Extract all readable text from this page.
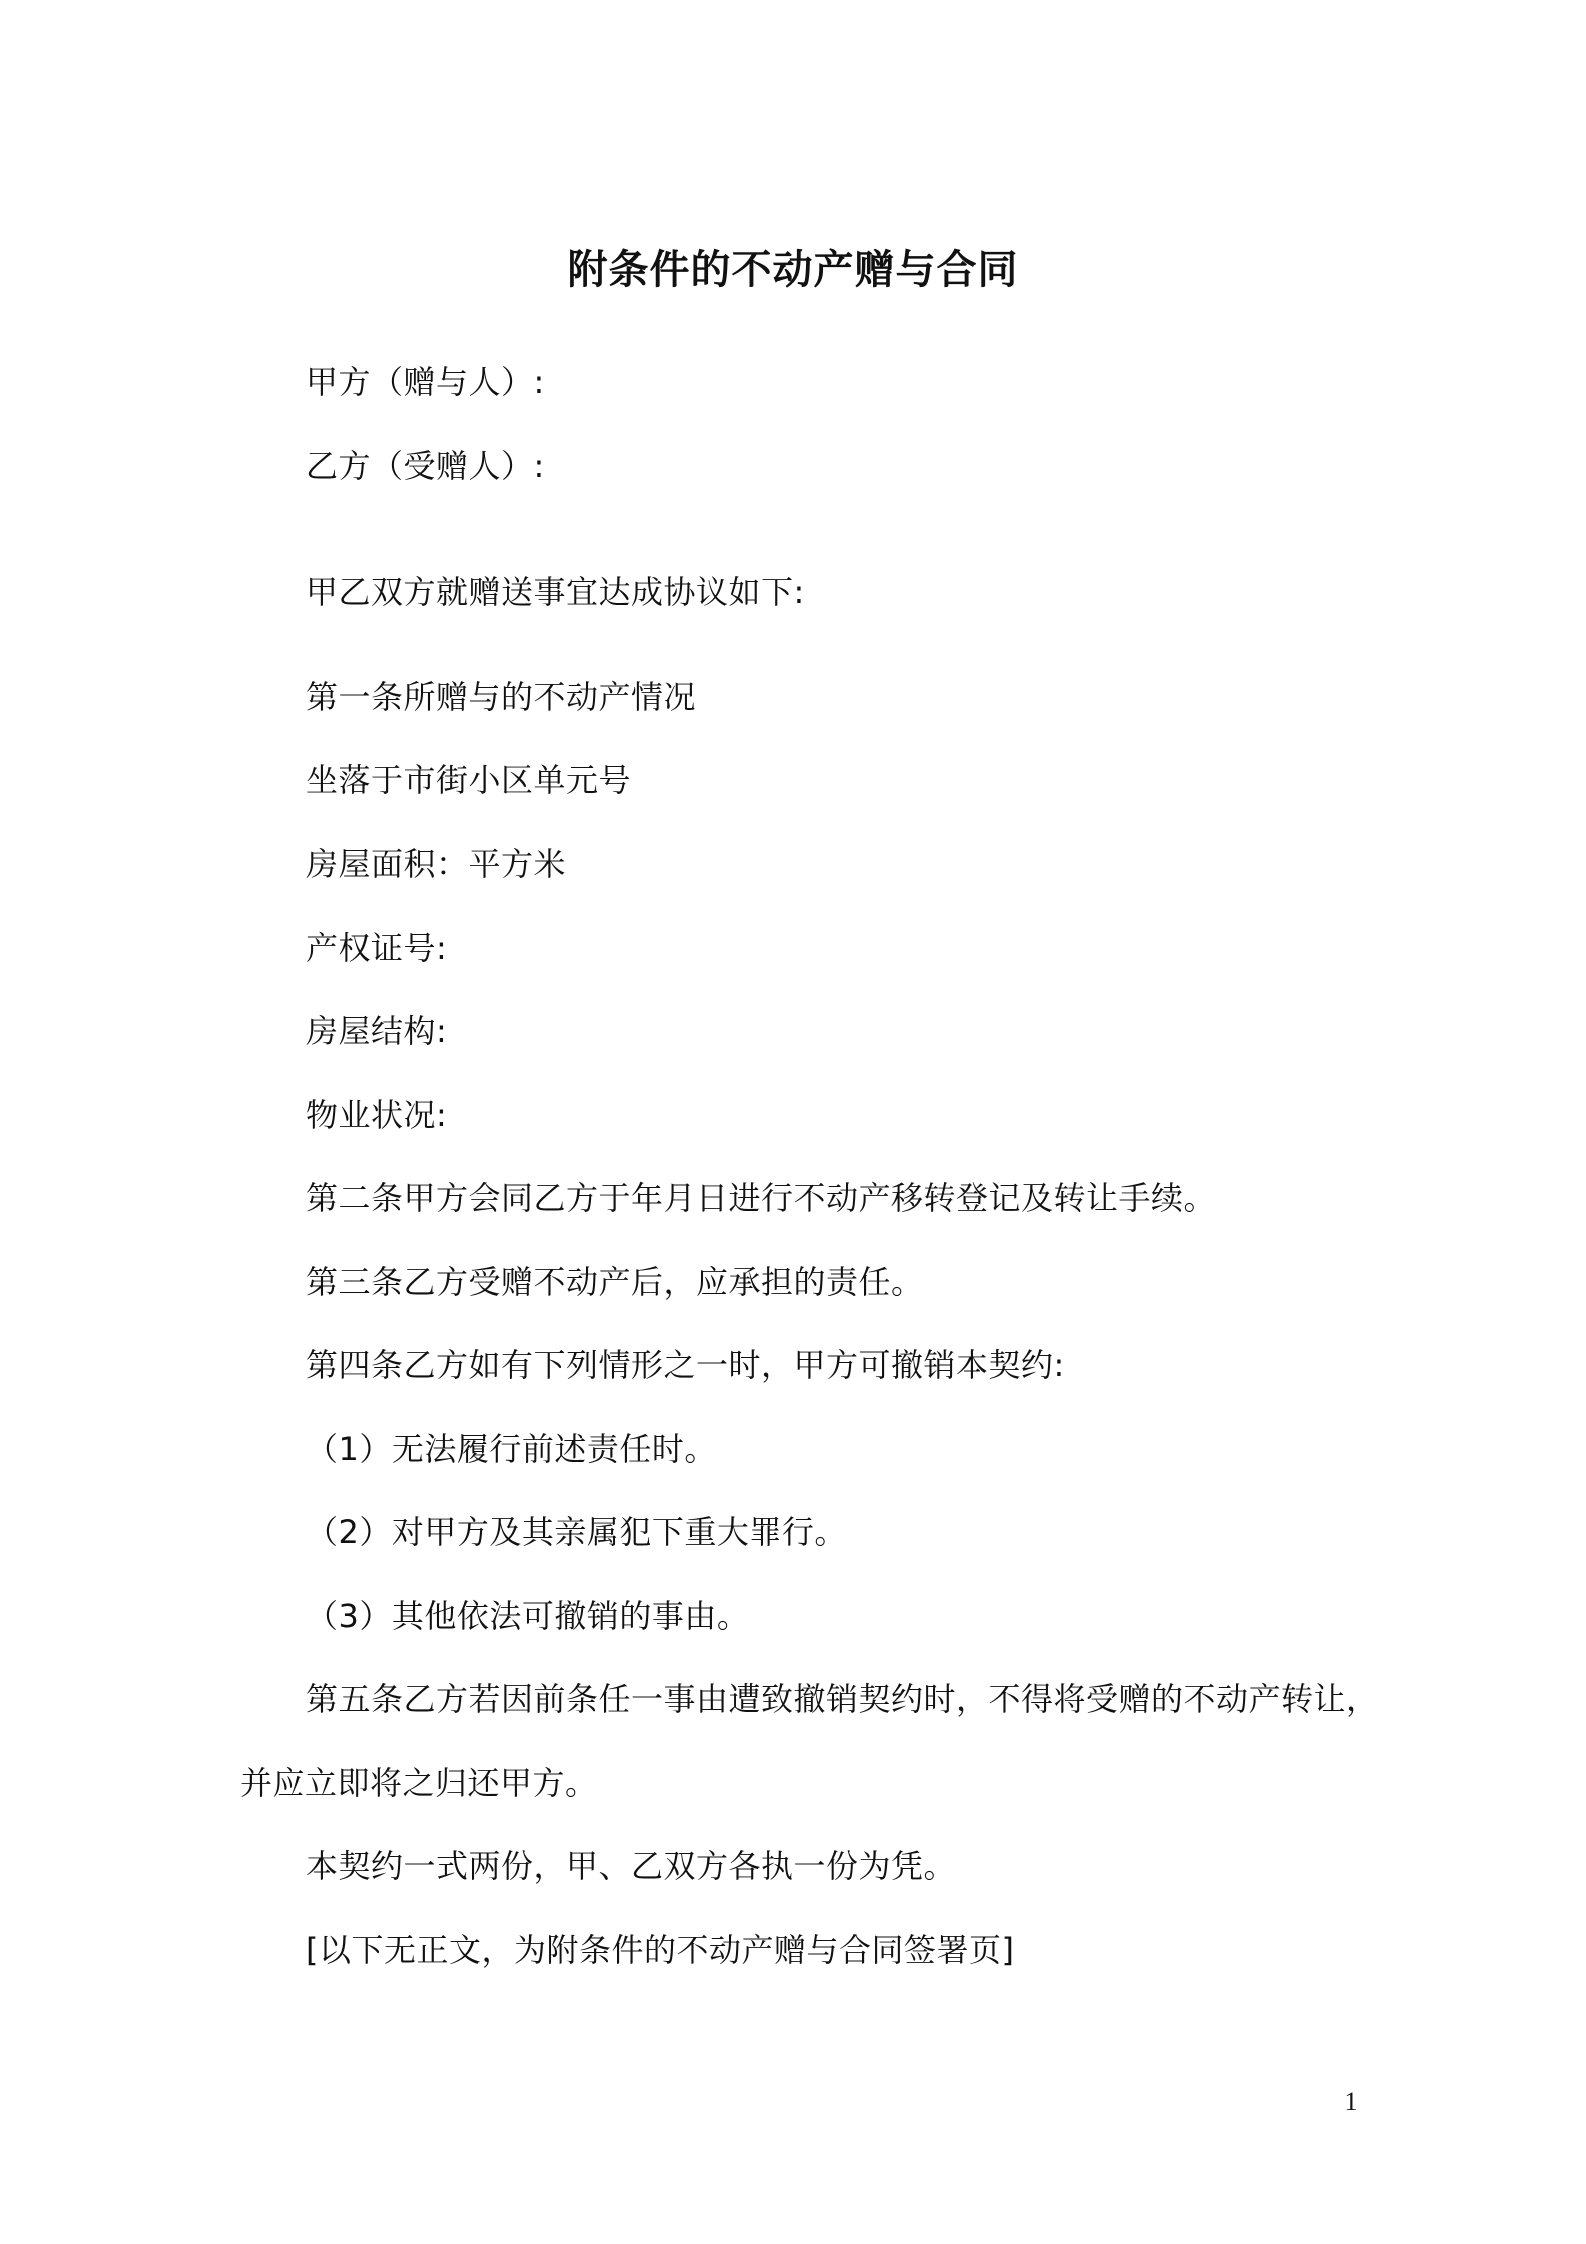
附条件的不动产赠与合同
甲方（赠与人）:
乙方（受赠人）:
甲乙双方就赠送事宜达成协议如下:
第一条所赠与的不动产情况
坐落于市街小区单元号
房屋面积：平方米
产权证号:
房屋结构:
物业状况:
第二条甲方会同乙方于年月日进行不动产移转登记及转让手续。
第三条乙方受赠不动产后，应承担的责任。
第四条乙方如有下列情形之一时，甲方可撤销本契约:
（1）无法履行前述责任时。
（2）对甲方及其亲属犯下重大罪行。
（3）其他依法可撤销的事由。
第五条乙方若因前条任一事由遭致撤销契约时，不得将受赠的不动产转让，
并应立即将之归还甲方。
本契约一式两份，甲、乙双方各执一份为凭。
[以下无正文，为附条件的不动产赠与合同签署页]
1
